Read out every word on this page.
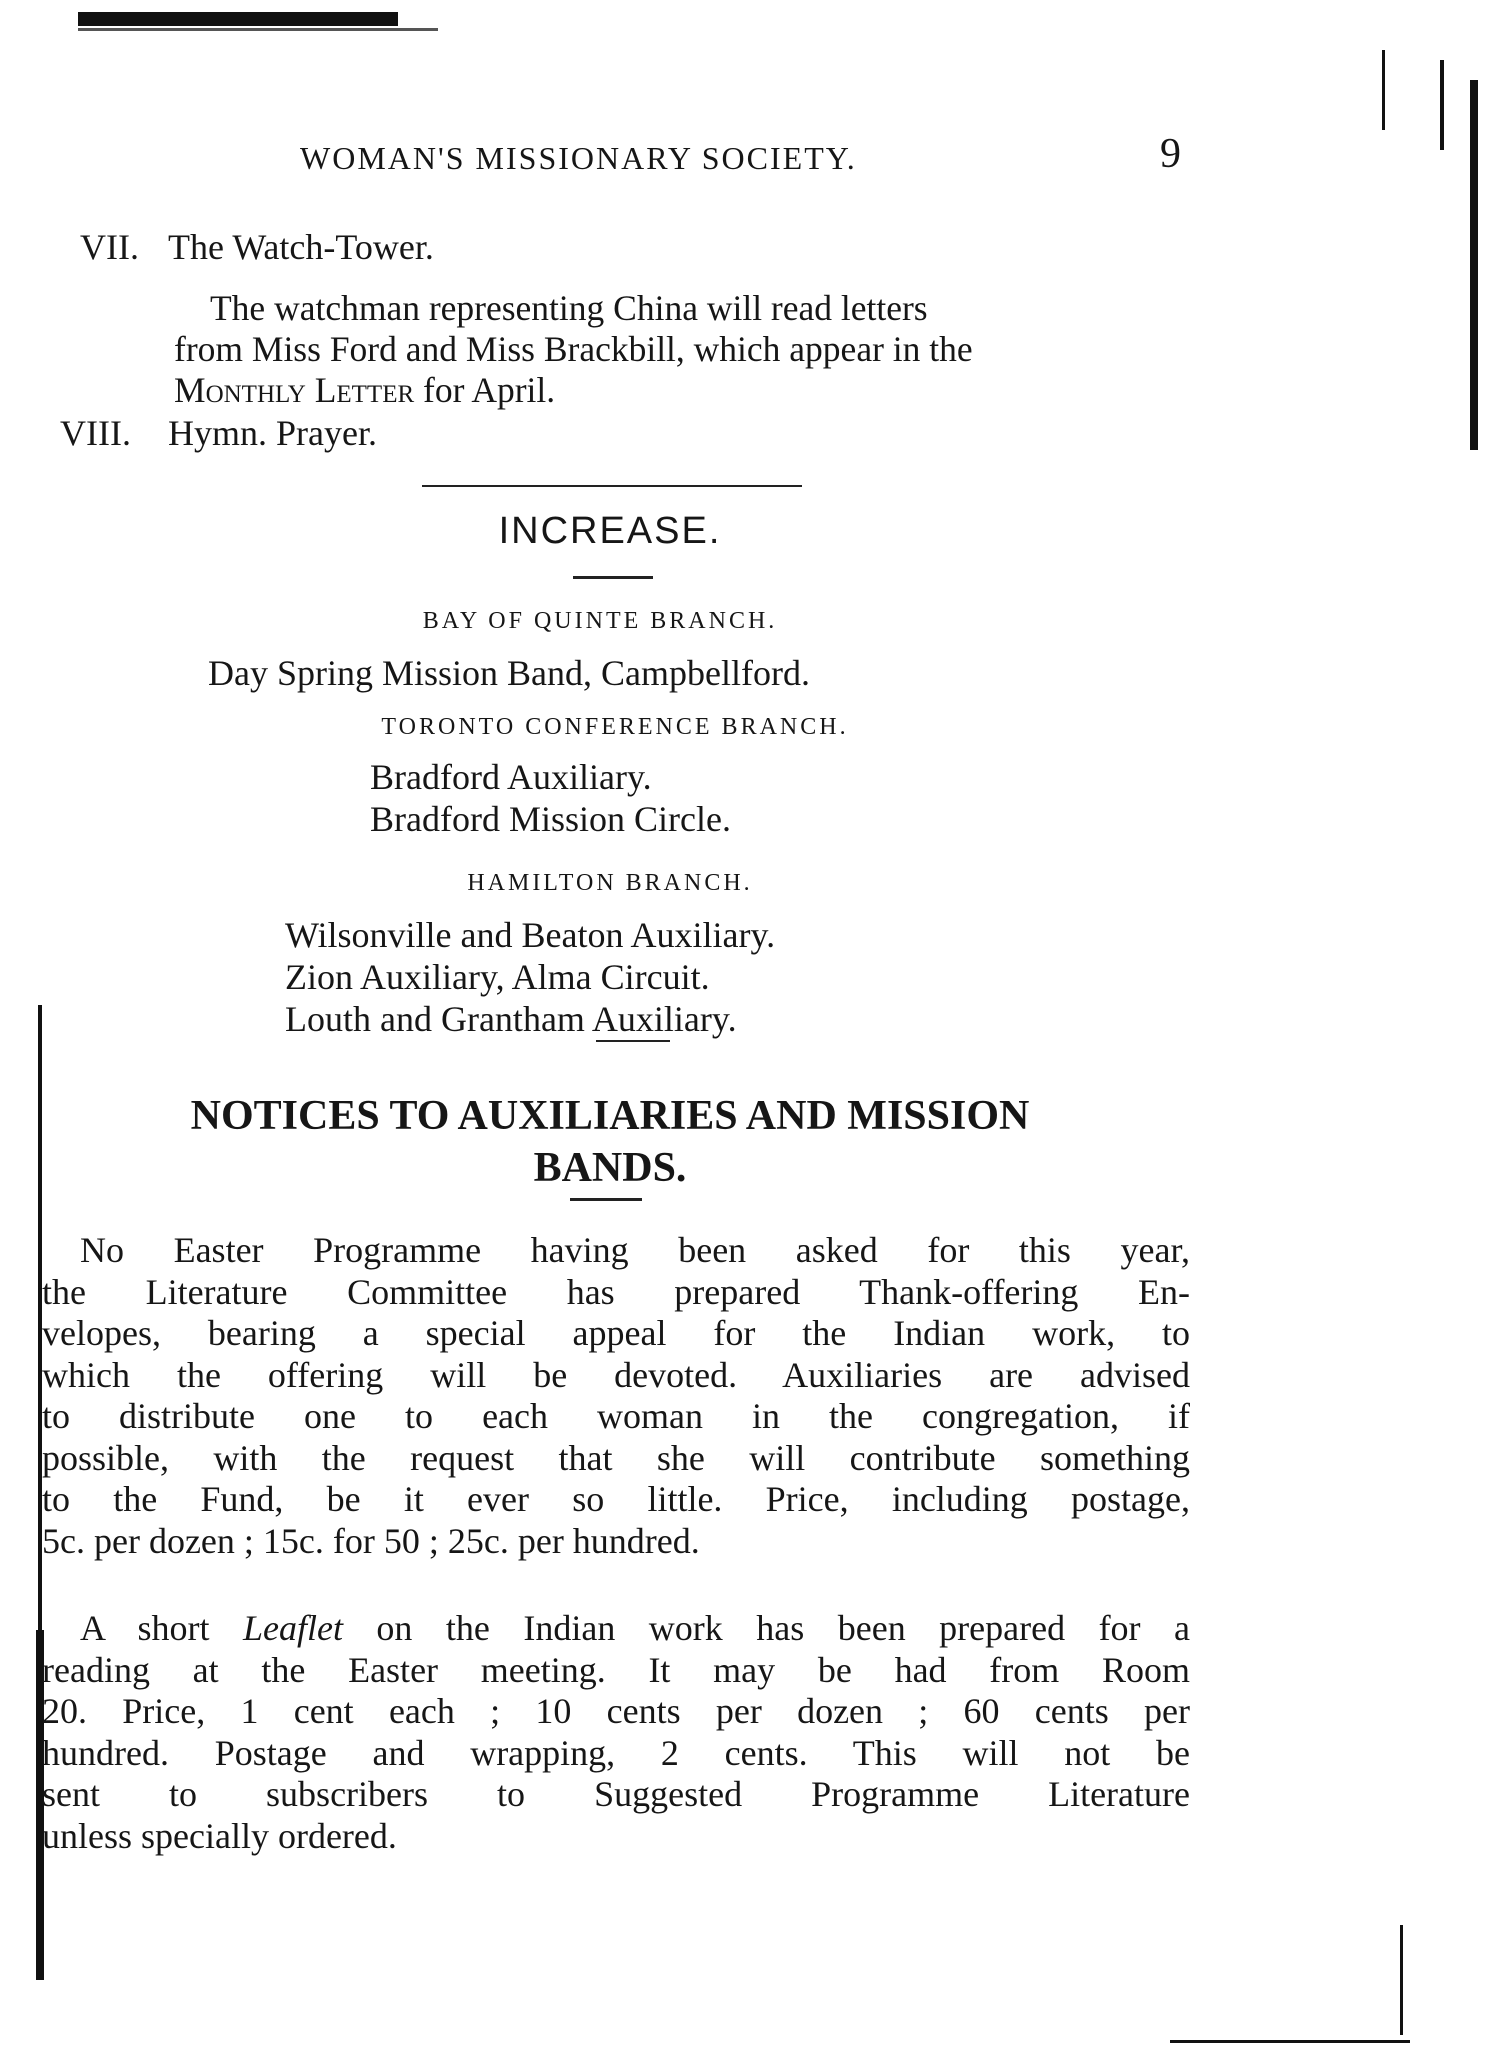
WOMAN'S MISSIONARY SOCIETY.	9
VII. The Watch-Tower.
The watchman representing China will read letters
from Miss Ford and Miss Brackbill, which appear in the
Monthly Letter for April.
VIII. Hymn. Prayer.
INCREASE.
BAY OF QUINTE BRANCH.
Day Spring Mission Band, Campbellford.
TORONTO CONFERENCE BRANCH.
Bradford Auxiliary.
Bradford Mission Circle.
HAMILTON BRANCH.
Wilsonville and Beaton Auxiliary.
Zion Auxiliary, Alma Circuit.
Louth and Grantham Auxiliary.
NOTICES TO AUXILIARIES AND MISSION
BANDS.
No Easter Programme having been asked for this year,
the Literature Committee has prepared Thank-offering En-
velopes, bearing a special appeal for the Indian work, to
which the offering will be devoted. Auxiliaries are advised
to distribute one to each woman in the congregation, if
possible, with the request that she will contribute something
to the Fund, be it ever so little. Price, including postage,
5c. per dozen ; 15c. for 50 ; 25c. per hundred.
A short Leaflet on the Indian work has been prepared for a
reading at the Easter meeting. It may be had from Room
20. Price, 1 cent each ; 10 cents per dozen ; 60 cents per
hundred. Postage and wrapping, 2 cents. This will not be
sent to subscribers to Suggested Programme Literature
unless specially ordered.
